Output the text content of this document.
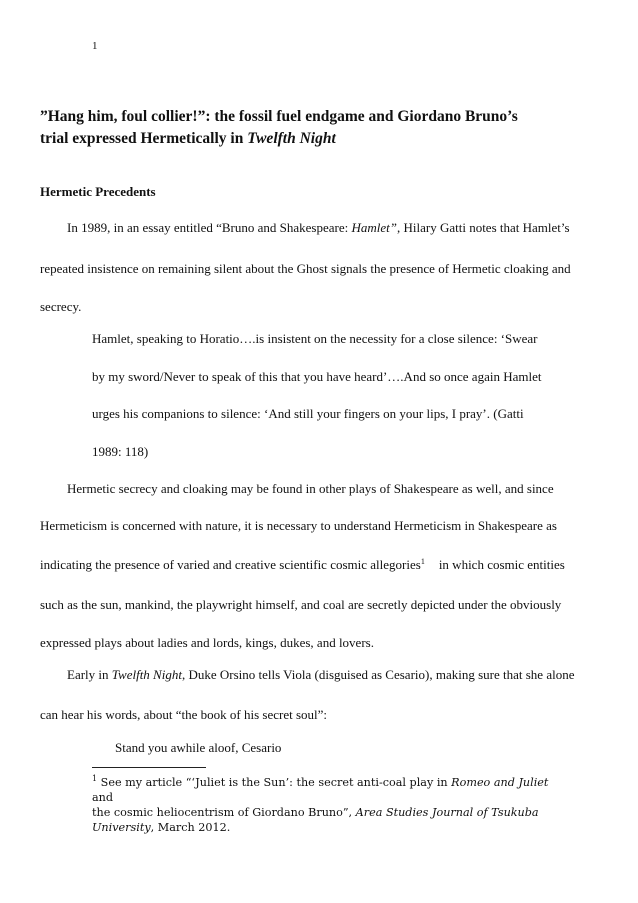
1
”Hang him, foul collier!”: the fossil fuel endgame and Giordano Bruno’s
trial expressed Hermetically in Twelfth Night
Hermetic Precedents
In 1989, in an essay entitled “Bruno and Shakespeare: Hamlet”, Hilary Gatti notes that Hamlet’s
repeated insistence on remaining silent about the Ghost signals the presence of Hermetic cloaking and
secrecy.
Hamlet, speaking to Horatio….is insistent on the necessity for a close silence: ‘Swear
by my sword/Never to speak of this that you have heard’….And so once again Hamlet
urges his companions to silence: ‘And still your fingers on your lips, I pray’. (Gatti
1989: 118)
Hermetic secrecy and cloaking may be found in other plays of Shakespeare as well, and since
Hermeticism is concerned with nature, it is necessary to understand Hermeticism in Shakespeare as
indicating the presence of varied and creative scientific cosmic allegories$^1$ in which cosmic entities
such as the sun, mankind, the playwright himself, and coal are secretly depicted under the obviously
expressed plays about ladies and lords, kings, dukes, and lovers.
Early in Twelfth Night, Duke Orsino tells Viola (disguised as Cesario), making sure that she alone
can hear his words, about “the book of his secret soul”:
Stand you awhile aloof, Cesario
$^1$ See my article “‘Juliet is the Sun’: the secret anti-coal play in Romeo and Juliet and
the cosmic heliocentrism of Giordano Bruno”, Area Studies Journal of Tsukuba
University, March 2012.
